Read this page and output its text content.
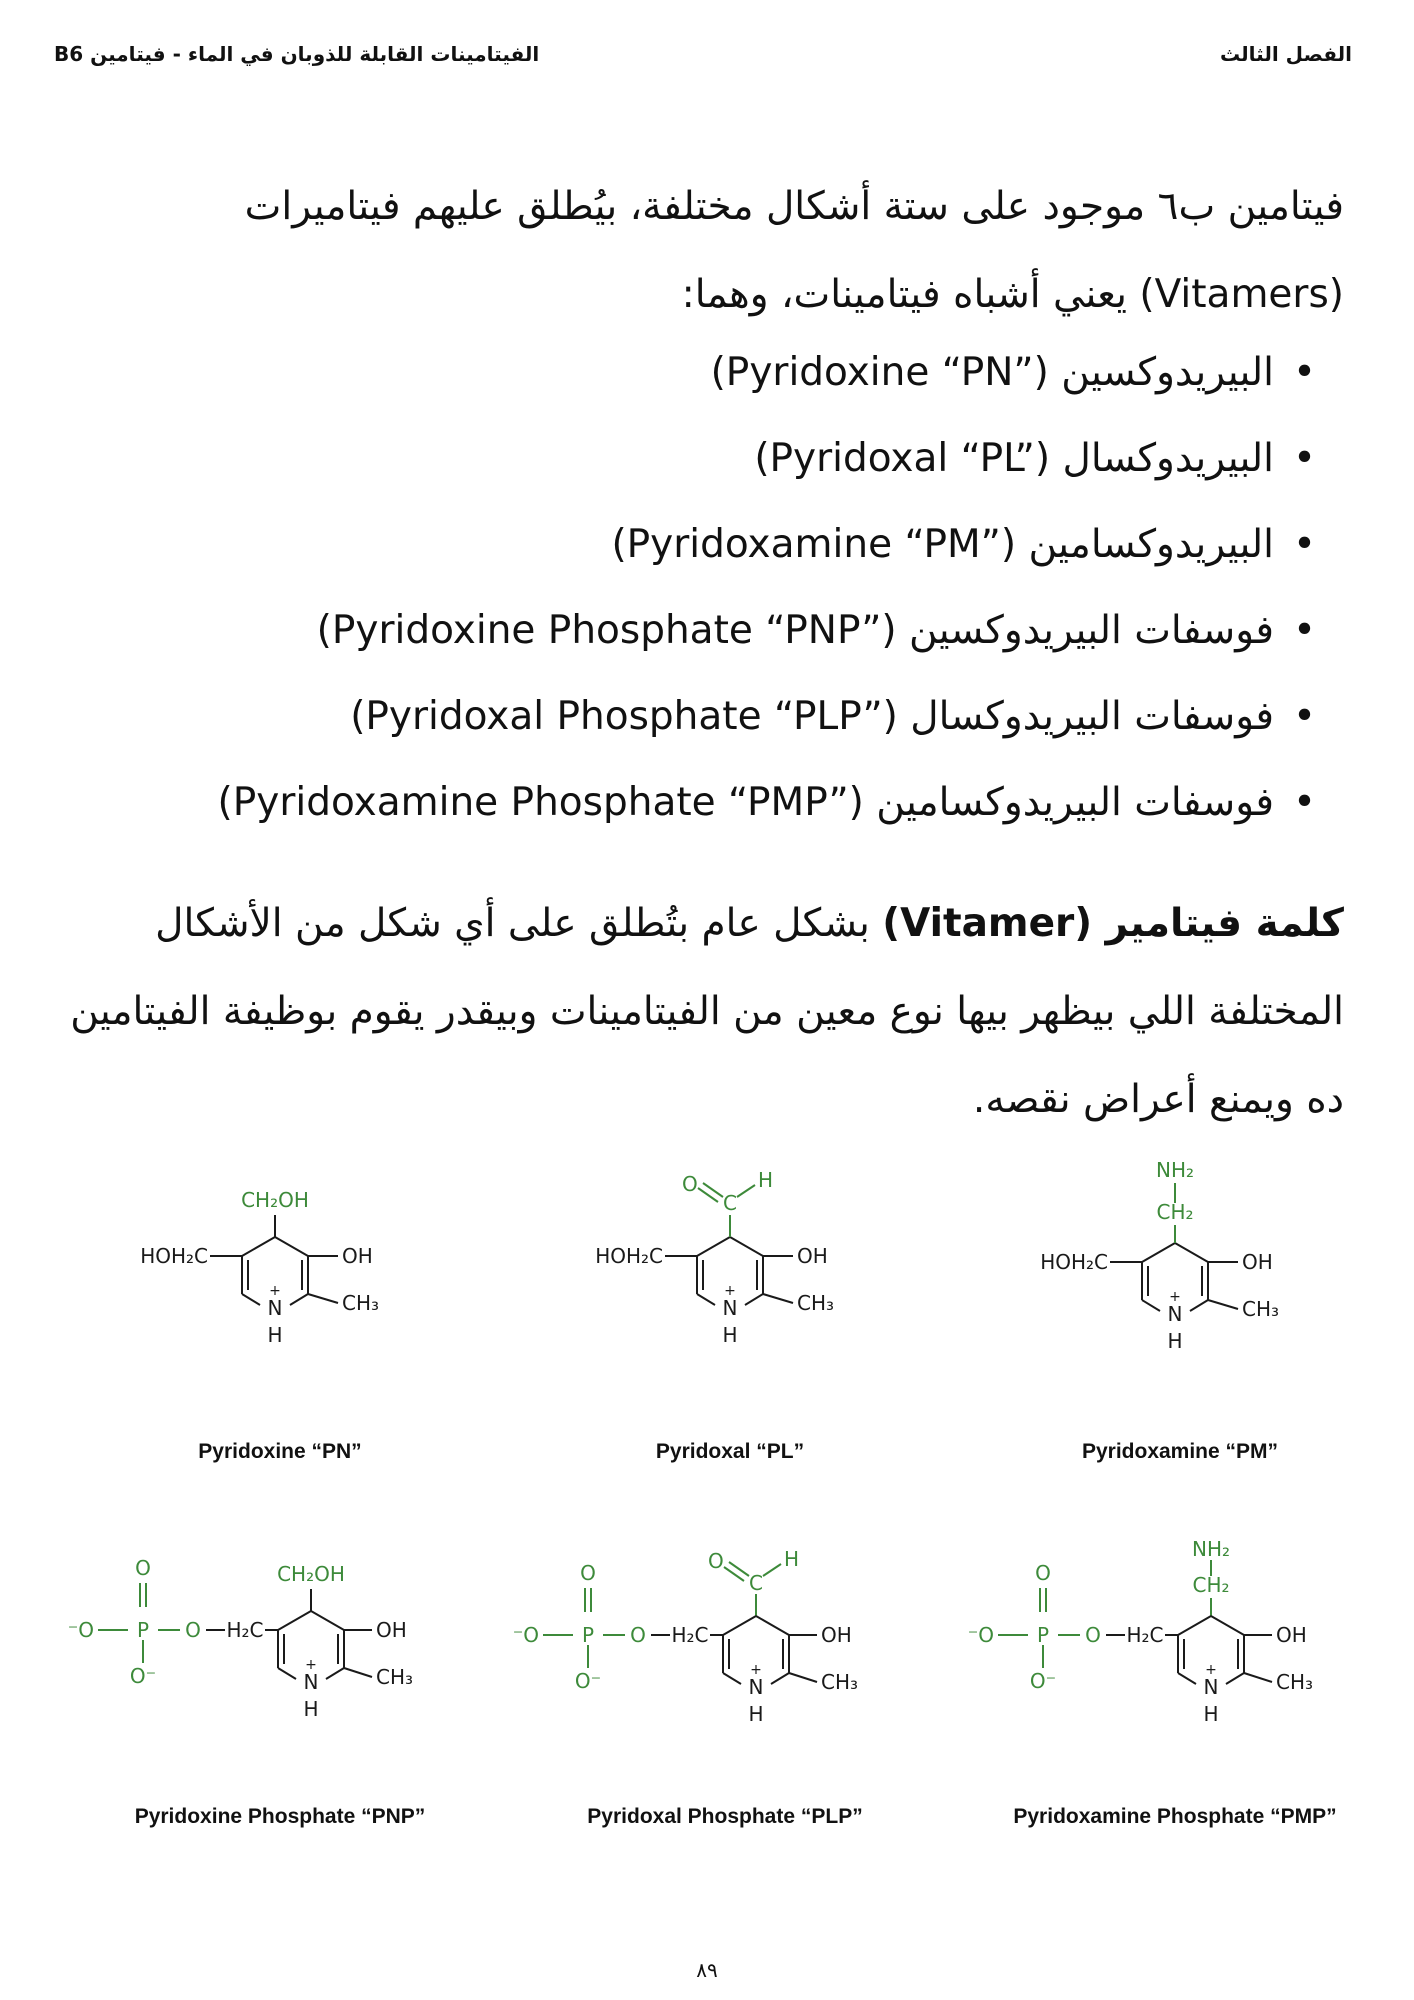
الفصل الثالث
الفيتامينات القابلة للذوبان في الماء - فيتامين B6

فيتامين ب٦ موجود على ستة أشكال مختلفة، بيُطلق عليهم فيتاميرات (Vitamers) يعني أشباه فيتامينات، وهما:

• البيريدوكسين (Pyridoxine “PN”)
• البيريدوكسال (Pyridoxal “PL”)
• البيريدوكسامين (Pyridoxamine “PM”)
• فوسفات البيريدوكسين (Pyridoxine Phosphate “PNP”)
• فوسفات البيريدوكسال (Pyridoxal Phosphate “PLP”)
• فوسفات البيريدوكسامين (Pyridoxamine Phosphate “PMP”)

كلمة فيتامير (Vitamer) بشكل عام بتُطلق على أي شكل من الأشكال المختلفة اللي بيظهر بيها نوع معين من الفيتامينات وبيقدر يقوم بوظيفة الفيتامين ده ويمنع أعراض نقصه.

CH₂OH
HOH₂C	OH
CH₃
+
N
H
Pyridoxine “PN”
C
O	H
HOH₂C	OH
CH₃
+
N
H
Pyridoxal “PL”
NH₂
CH₂
HOH₂C	OH
CH₃
+
N
H
Pyridoxamine “PM”
O
P
⁻O
O⁻
O H₂C
CH₂OH
OH
CH₃
+
N
H
Pyridoxine Phosphate “PNP”
O
P
⁻O
O⁻
O H₂C
C
O	H
OH
CH₃
+
N
H
Pyridoxal Phosphate “PLP”
O
P
⁻O
O⁻
O H₂C
NH₂
CH₂
OH
CH₃
+
N
H
Pyridoxamine Phosphate “PMP”
٨٩
